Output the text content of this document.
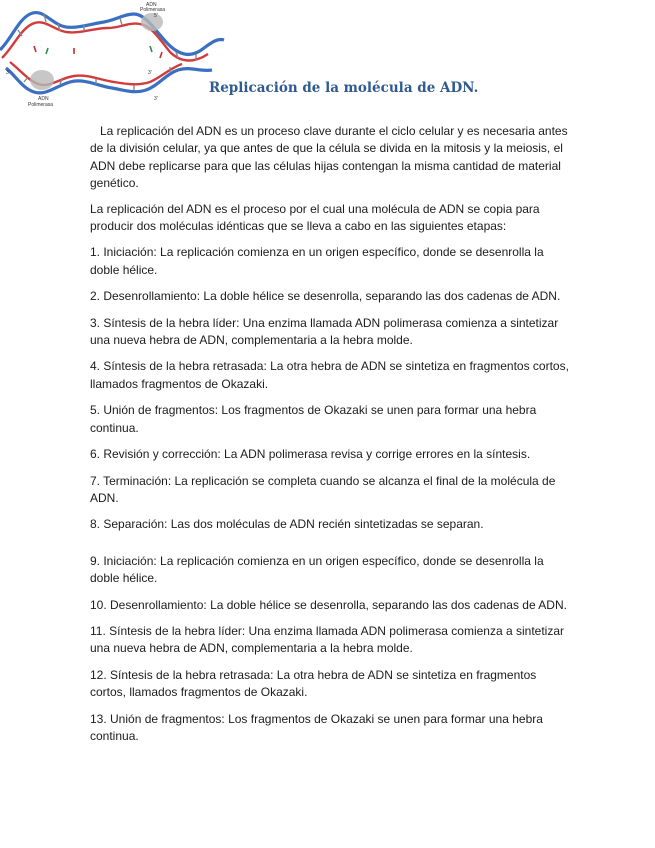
ADN
Polimerasa
ADN
Polimerasa
5'
3'
3'
3'
Replicación de la molécula de ADN.

La replicación del ADN es un proceso clave durante el ciclo celular y es necesaria antes de la división celular, ya que antes de que la célula se divida en la mitosis y la meiosis, el ADN debe replicarse para que las células hijas contengan la misma cantidad de material genético.

La replicación del ADN es el proceso por el cual una molécula de ADN se copia para producir dos moléculas idénticas que se lleva a cabo en las siguientes etapas:

1. Iniciación: La replicación comienza en un origen específico, donde se desenrolla la doble hélice.

2. Desenrollamiento: La doble hélice se desenrolla, separando las dos cadenas de ADN.

3. Síntesis de la hebra líder: Una enzima llamada ADN polimerasa comienza a sintetizar una nueva hebra de ADN, complementaria a la hebra molde.

4. Síntesis de la hebra retrasada: La otra hebra de ADN se sintetiza en fragmentos cortos, llamados fragmentos de Okazaki.

5. Unión de fragmentos: Los fragmentos de Okazaki se unen para formar una hebra continua.

6. Revisión y corrección: La ADN polimerasa revisa y corrige errores en la síntesis.

7. Terminación: La replicación se completa cuando se alcanza el final de la molécula de ADN.

8. Separación: Las dos moléculas de ADN recién sintetizadas se separan.

9. Iniciación: La replicación comienza en un origen específico, donde se desenrolla la doble hélice.

10. Desenrollamiento: La doble hélice se desenrolla, separando las dos cadenas de ADN.

11. Síntesis de la hebra líder: Una enzima llamada ADN polimerasa comienza a sintetizar una nueva hebra de ADN, complementaria a la hebra molde.

12. Síntesis de la hebra retrasada: La otra hebra de ADN se sintetiza en fragmentos cortos, llamados fragmentos de Okazaki.

13. Unión de fragmentos: Los fragmentos de Okazaki se unen para formar una hebra continua.
